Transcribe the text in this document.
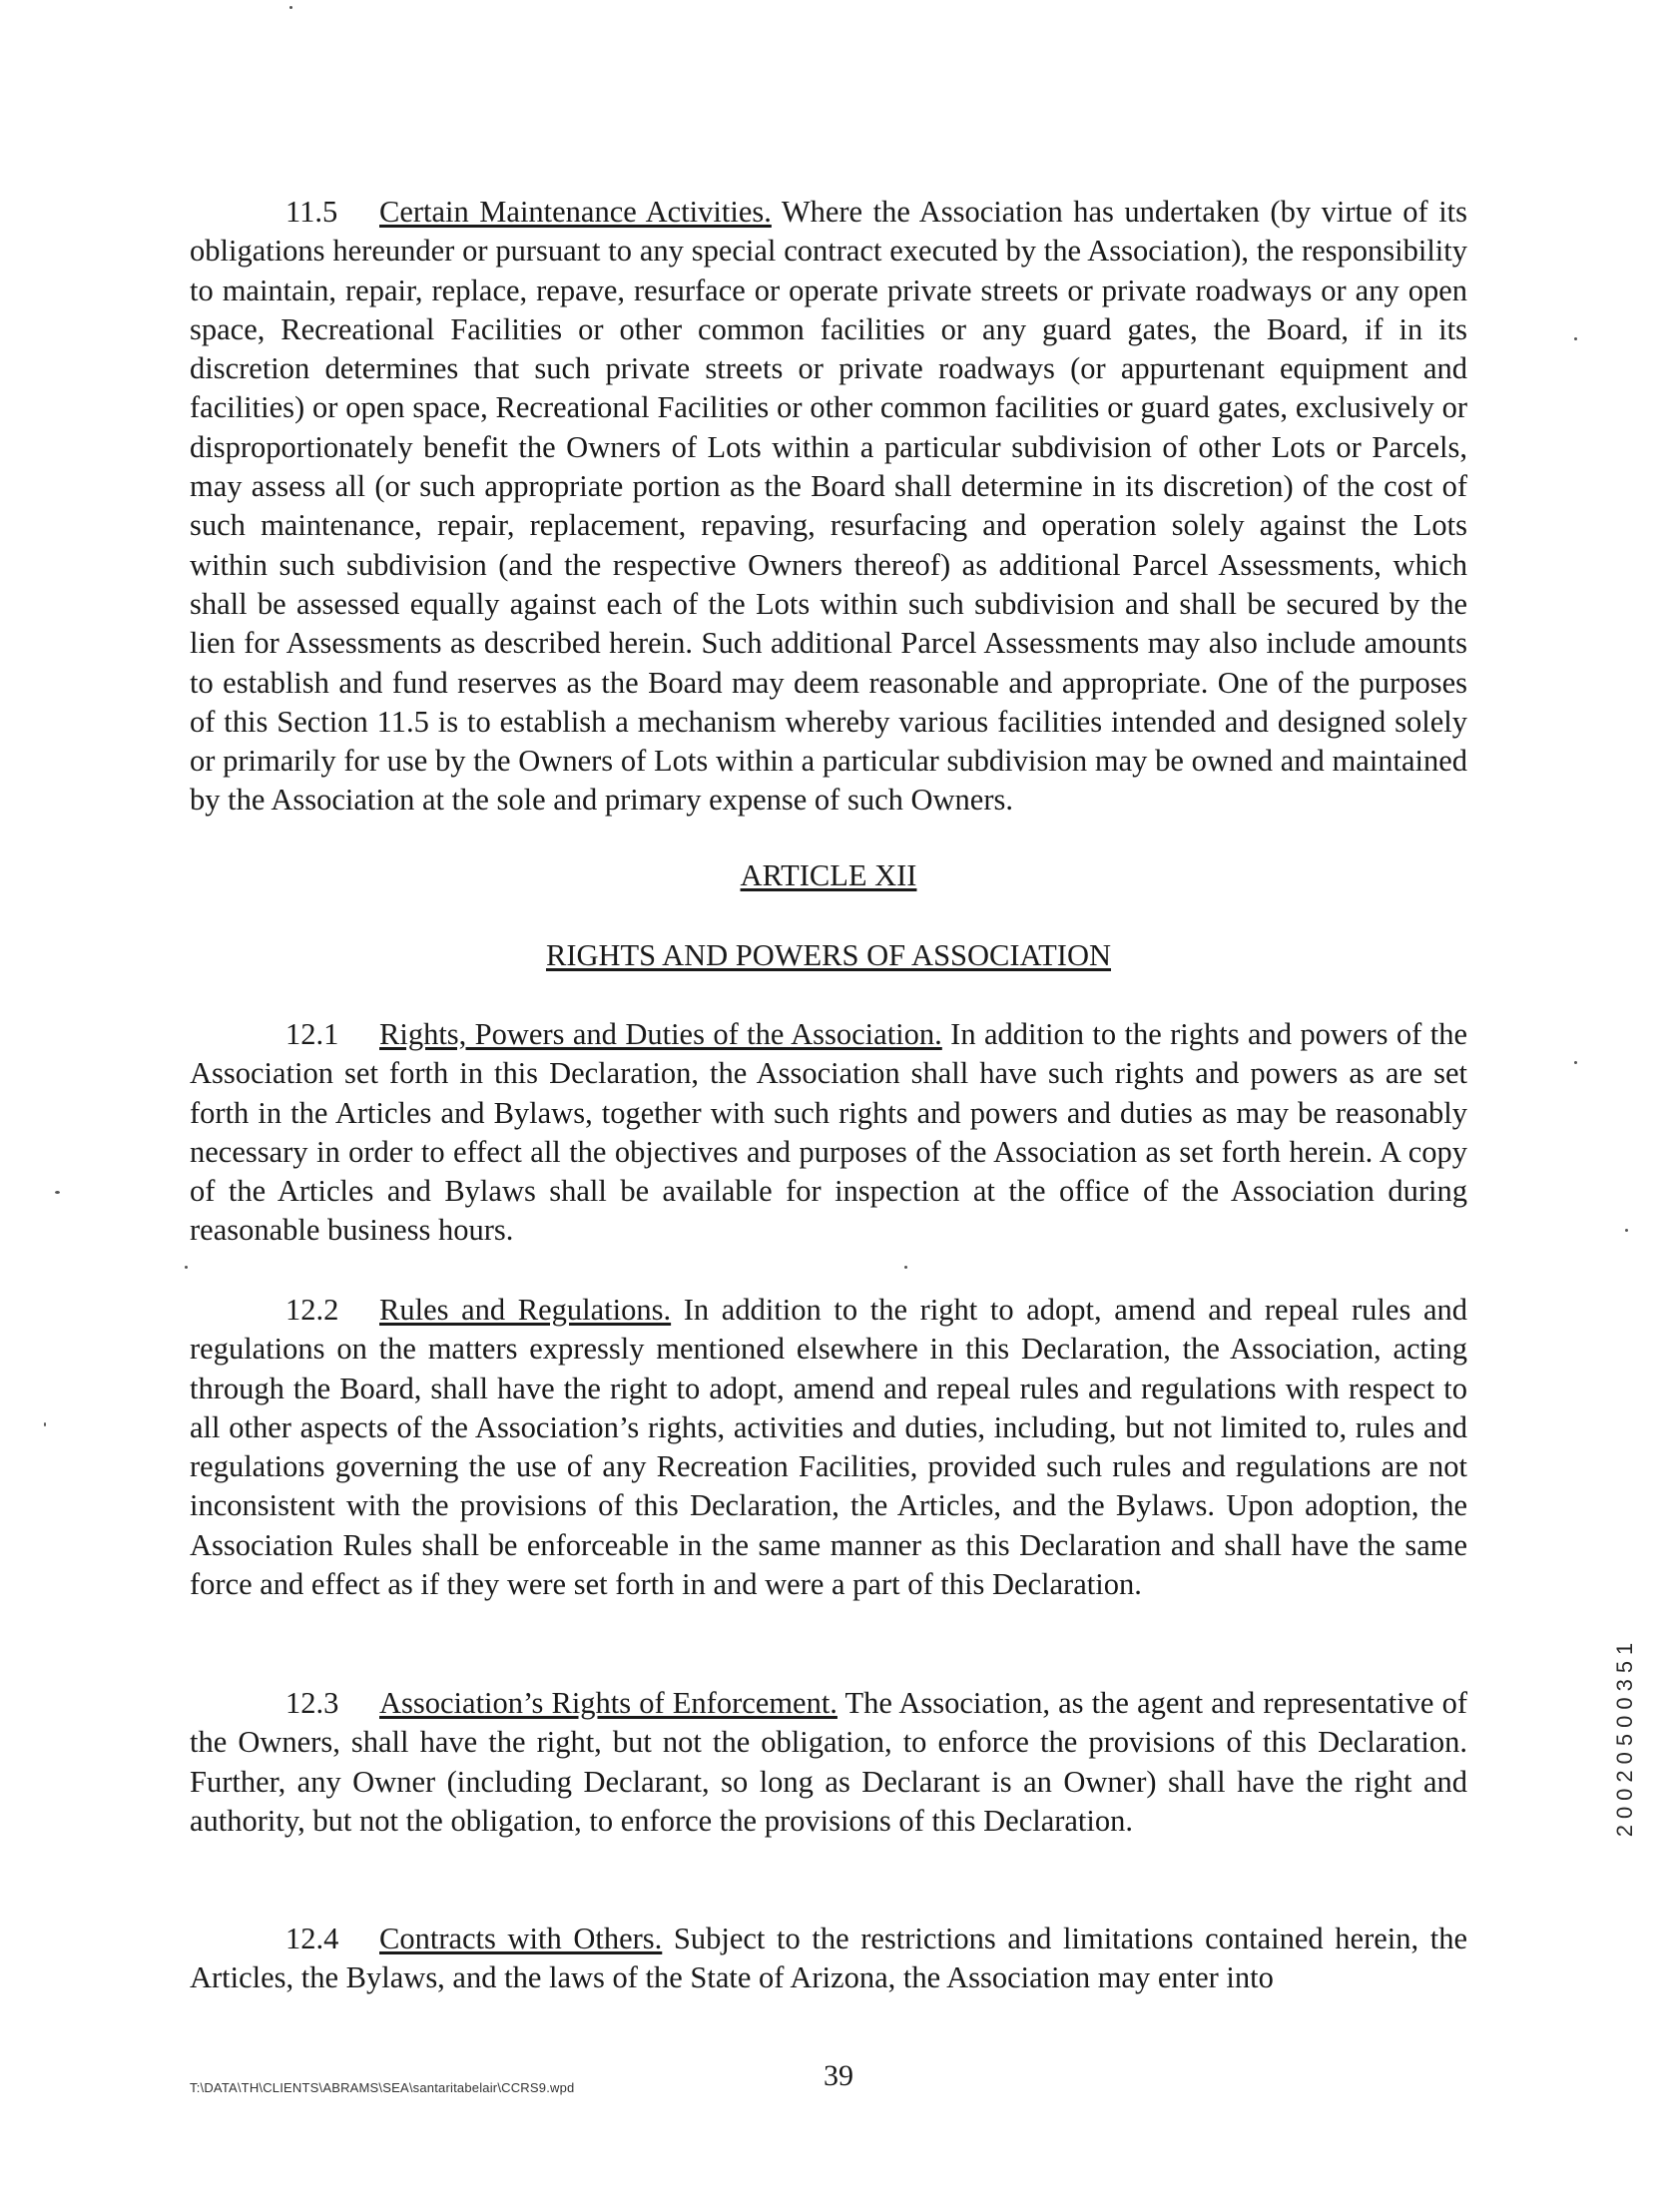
11.5 Certain Maintenance Activities. Where the Association has undertaken (by virtue of its obligations hereunder or pursuant to any special contract executed by the Association), the responsibility to maintain, repair, replace, repave, resurface or operate private streets or private roadways or any open space, Recreational Facilities or other common facilities or any guard gates, the Board, if in its discretion determines that such private streets or private roadways (or appurtenant equipment and facilities) or open space, Recreational Facilities or other common facilities or guard gates, exclusively or disproportionately benefit the Owners of Lots within a particular subdivision of other Lots or Parcels, may assess all (or such appropriate portion as the Board shall determine in its discretion) of the cost of such maintenance, repair, replacement, repaving, resurfacing and operation solely against the Lots within such subdivision (and the respective Owners thereof) as additional Parcel Assessments, which shall be assessed equally against each of the Lots within such subdivision and shall be secured by the lien for Assessments as described herein. Such additional Parcel Assessments may also include amounts to establish and fund reserves as the Board may deem reasonable and appropriate. One of the purposes of this Section 11.5 is to establish a mechanism whereby various facilities intended and designed solely or primarily for use by the Owners of Lots within a particular subdivision may be owned and maintained by the Association at the sole and primary expense of such Owners.

ARTICLE XII
RIGHTS AND POWERS OF ASSOCIATION

12.1 Rights, Powers and Duties of the Association. In addition to the rights and powers of the Association set forth in this Declaration, the Association shall have such rights and powers as are set forth in the Articles and Bylaws, together with such rights and powers and duties as may be reasonably necessary in order to effect all the objectives and purposes of the Association as set forth herein. A copy of the Articles and Bylaws shall be available for inspection at the office of the Association during reasonable business hours.

12.2 Rules and Regulations. In addition to the right to adopt, amend and repeal rules and regulations on the matters expressly mentioned elsewhere in this Declaration, the Association, acting through the Board, shall have the right to adopt, amend and repeal rules and regulations with respect to all other aspects of the Association’s rights, activities and duties, including, but not limited to, rules and regulations governing the use of any Recreation Facilities, provided such rules and regulations are not inconsistent with the provisions of this Declaration, the Articles, and the Bylaws. Upon adoption, the Association Rules shall be enforceable in the same manner as this Declaration and shall have the same force and effect as if they were set forth in and were a part of this Declaration.

12.3 Association’s Rights of Enforcement. The Association, as the agent and representative of the Owners, shall have the right, but not the obligation, to enforce the provisions of this Declaration. Further, any Owner (including Declarant, so long as Declarant is an Owner) shall have the right and authority, but not the obligation, to enforce the provisions of this Declaration.

12.4 Contracts with Others. Subject to the restrictions and limitations contained herein, the Articles, the Bylaws, and the laws of the State of Arizona, the Association may enter into

T:\DATA\TH\CLIENTS\ABRAMS\SEA\santaritabelair\CCRS9.wpd	39
20020500351
